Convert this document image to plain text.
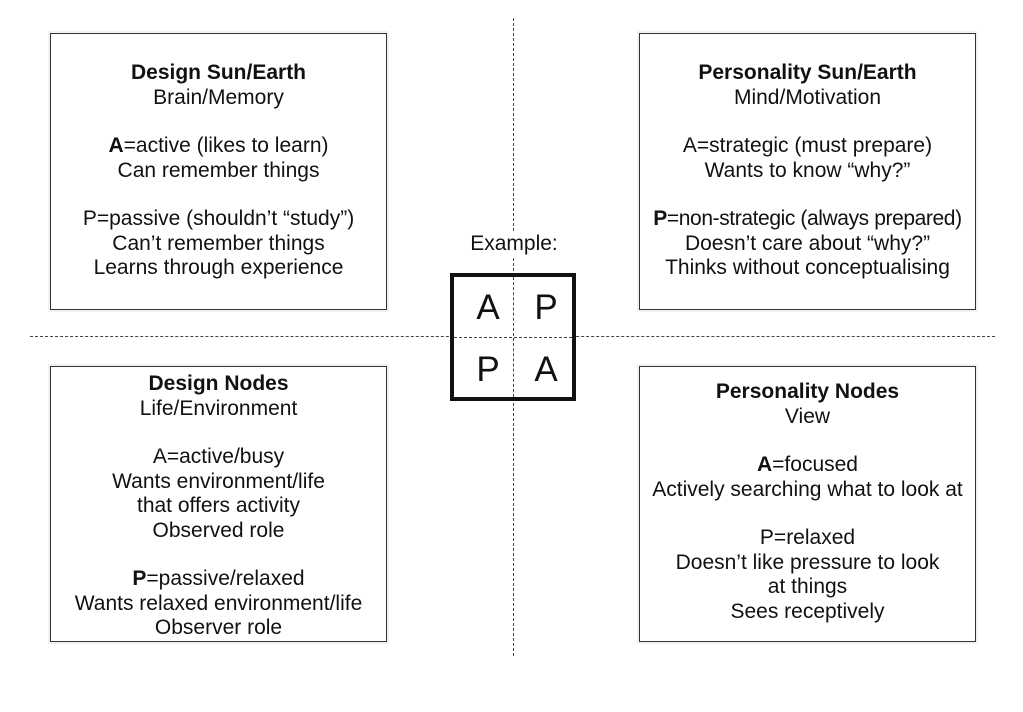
Design Sun/Earth
Brain/Memory
A=active (likes to learn)
Can remember things
P=passive (shouldn’t “study”)
Can’t remember things
Learns through experience
Personality Sun/Earth
Mind/Motivation
A=strategic (must prepare)
Wants to know “why?”
P=non-strategic (always prepared)
Doesn’t care about “why?”
Thinks without conceptualising
Design Nodes
Life/Environment
A=active/busy
Wants environment/life
that offers activity
Observed role
P=passive/relaxed
Wants relaxed environment/life
Observer role
Personality Nodes
View
A=focused
Actively searching what to look at
P=relaxed
Doesn’t like pressure to look
at things
Sees receptively
Example:
A P
P A
